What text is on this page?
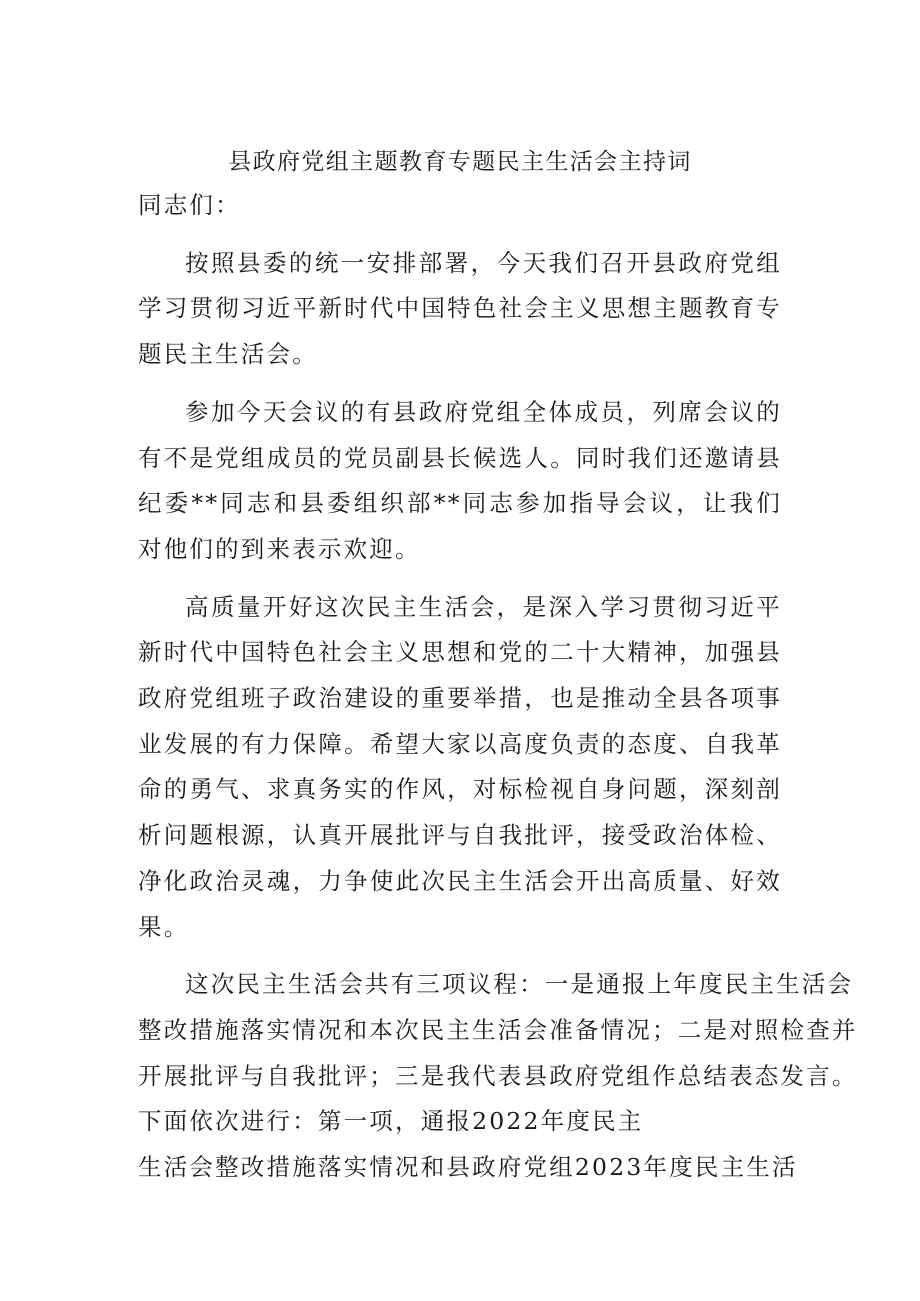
县政府党组主题教育专题民主生活会主持词

同志们：

按照县委的统一安排部署，今天我们召开县政府党组学习贯彻习近平新时代中国特色社会主义思想主题教育专题民主生活会。

参加今天会议的有县政府党组全体成员，列席会议的有不是党组成员的党员副县长候选人。同时我们还邀请县纪委**同志和县委组织部**同志参加指导会议，让我们对他们的到来表示欢迎。

高质量开好这次民主生活会，是深入学习贯彻习近平新时代中国特色社会主义思想和党的二十大精神，加强县政府党组班子政治建设的重要举措，也是推动全县各项事业发展的有力保障。希望大家以高度负责的态度、自我革命的勇气、求真务实的作风，对标检视自身问题，深刻剖析问题根源，认真开展批评与自我批评，接受政治体检、净化政治灵魂，力争使此次民主生活会开出高质量、好效果。

这次民主生活会共有三项议程：一是通报上年度民主生活会
整改措施落实情况和本次民主生活会准备情况；二是对照检查并
开展批评与自我批评；三是我代表县政府党组作总结表态发言。
下面依次进行：第一项，通报2022年度民主
生活会整改措施落实情况和县政府党组2023年度民主生活
